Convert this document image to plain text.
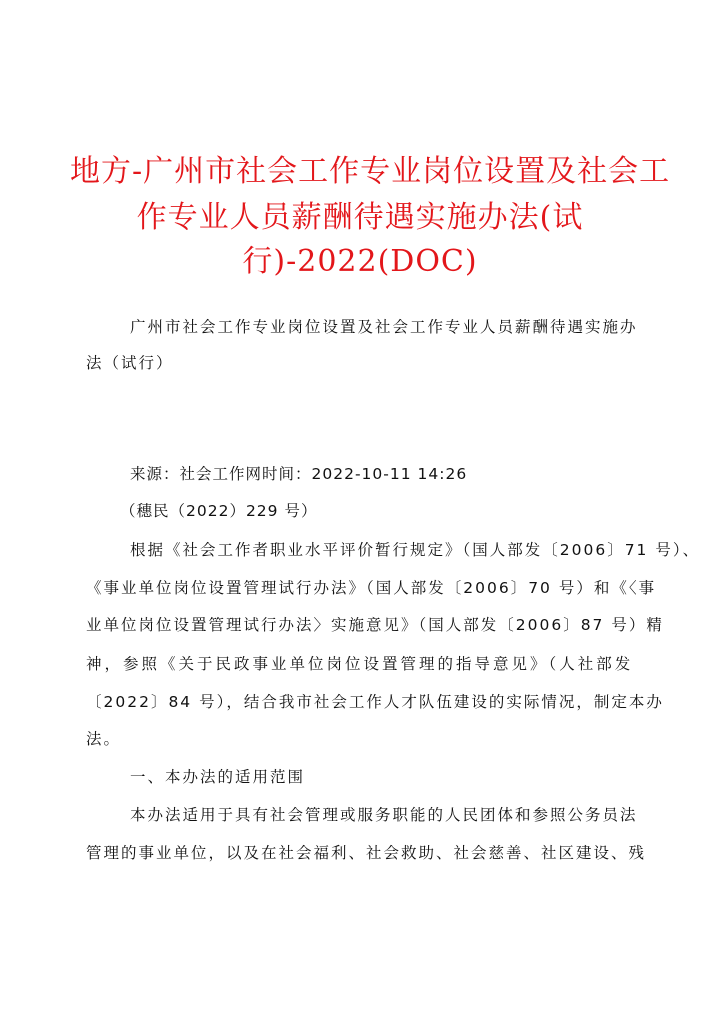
地方-广州市社会工作专业岗位设置及社会工
作专业人员薪酬待遇实施办法(试
行)-2022(DOC)
广州市社会工作专业岗位设置及社会工作专业人员薪酬待遇实施办
法（试行）
来源：社会工作网时间：2022-10-11 14:26
（穗民（2022）229 号）
根据《社会工作者职业水平评价暂行规定》（国人部发〔2006〕71 号）、
《事业单位岗位设置管理试行办法》（国人部发〔2006〕70 号）和《〈事
业单位岗位设置管理试行办法〉实施意见》（国人部发〔2006〕87 号）精
神，参照《关于民政事业单位岗位设置管理的指导意见》（人社部发
〔2022〕84 号），结合我市社会工作人才队伍建设的实际情况，制定本办
法。
一、本办法的适用范围
本办法适用于具有社会管理或服务职能的人民团体和参照公务员法
管理的事业单位，以及在社会福利、社会救助、社会慈善、社区建设、残
